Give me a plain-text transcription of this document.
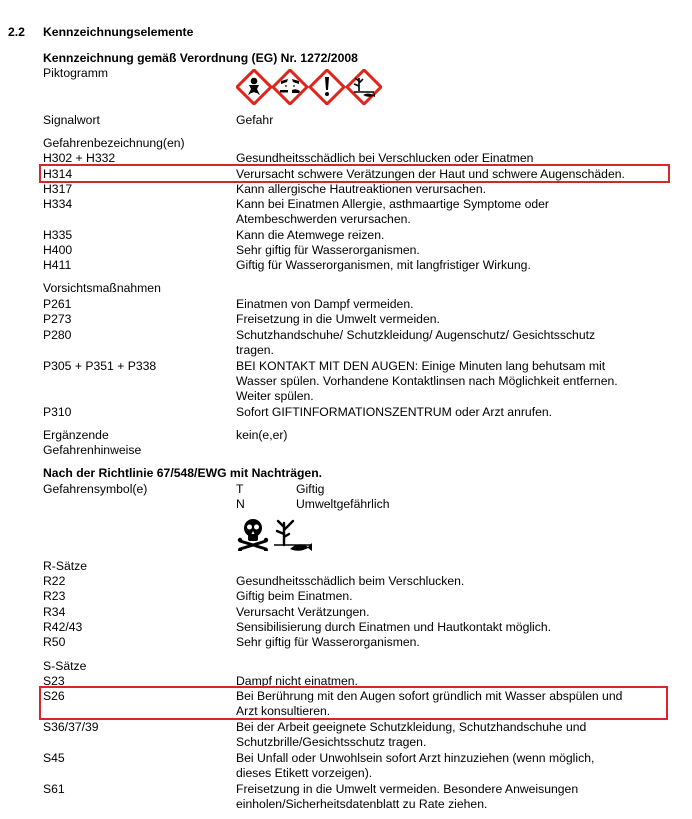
2.2 Kennzeichnungselemente
Kennzeichnung gemäß Verordnung (EG) Nr. 1272/2008
Piktogramm
Signalwort	Gefahr
Gefahrenbezeichnung(en)
H302 + H332	Gesundheitsschädlich bei Verschlucken oder Einatmen
H314	Verursacht schwere Verätzungen der Haut und schwere Augenschäden.
H317	Kann allergische Hautreaktionen verursachen.
H334	Kann bei Einatmen Allergie, asthmaartige Symptome oder
Atembeschwerden verursachen.
H335	Kann die Atemwege reizen.
H400	Sehr giftig für Wasserorganismen.
H411	Giftig für Wasserorganismen, mit langfristiger Wirkung.
Vorsichtsmaßnahmen
P261	Einatmen von Dampf vermeiden.
P273	Freisetzung in die Umwelt vermeiden.
P280	Schutzhandschuhe/ Schutzkleidung/ Augenschutz/ Gesichtsschutz
tragen.
P305 + P351 + P338	BEI KONTAKT MIT DEN AUGEN: Einige Minuten lang behutsam mit
Wasser spülen. Vorhandene Kontaktlinsen nach Möglichkeit entfernen.
Weiter spülen.
P310	Sofort GIFTINFORMATIONSZENTRUM oder Arzt anrufen.
Ergänzende
Gefahrenhinweise
kein(e,er)
Nach der Richtlinie 67/548/EWG mit Nachträgen.
Gefahrensymbol(e)	T	Giftig
N	Umweltgefährlich
R-Sätze
R22	Gesundheitsschädlich beim Verschlucken.
R23	Giftig beim Einatmen.
R34	Verursacht Verätzungen.
R42/43	Sensibilisierung durch Einatmen und Hautkontakt möglich.
R50	Sehr giftig für Wasserorganismen.
S-Sätze
S23	Dampf nicht einatmen.
S26	Bei Berührung mit den Augen sofort gründlich mit Wasser abspülen und
Arzt konsultieren.
S36/37/39	Bei der Arbeit geeignete Schutzkleidung, Schutzhandschuhe und
Schutzbrille/Gesichtsschutz tragen.
S45	Bei Unfall oder Unwohlsein sofort Arzt hinzuziehen (wenn möglich,
dieses Etikett vorzeigen).
S61	Freisetzung in die Umwelt vermeiden. Besondere Anweisungen
einholen/Sicherheitsdatenblatt zu Rate ziehen.
